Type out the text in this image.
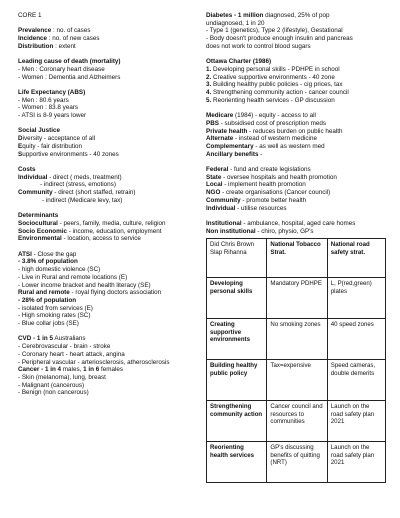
CORE 1
Prevalence : no. of cases
Incidence : no. of new cases
Distribution : extent
Leading cause of death (mortality)
- Men : Coronary heart disease
- Women : Dementia and Alzheimers
Life Expectancy (ABS)
- Men : 80.6 years
- Women : 83.8 years
- ATSI is 8-9 years lower
Social Justice
Diversity - acceptance of all
Equity - fair distribution
Supportive environments - 40 zones
Costs
Individual - direct ( meds, treatment)
- indirect (stress, emotions)
Community - direct (short staffed, retrain)
- indirect (Medicare levy, tax)
Determinants
Sociocultural - peers, family, media, culture, religion
Socio Economic - income, education, employment
Environmental - location, access to service
ATSI - Close the gap
- 3.8% of population
- high domestic violence (SC)
- Live in Rural and remote locations (E)
- Lower income bracket and health literacy (SE)
Rural and remote - royal flying doctors association
- 28% of population
- isolated from services (E)
- High smoking rates (SC)
- Blue collar jobs (SE)
CVD - 1 in 5 Australians
- Cerebrovascular - brain - stroke
- Coronary heart - heart attack, angina
- Peripheral vascular - arteriosclerosis, atherosclerosis
Cancer - 1 in 4 males, 1 in 6 females
- Skin (melanoma), lung, breast
- Malignant (cancerous)
- Benign (non cancerous)
Diabetes - 1 million diagnosed, 25% of pop
undiagnosed, 1 in 20
- Type 1 (genetics), Type 2 (lifestyle), Gestational
- Body doesn't produce enough insulin and pancreas
does not work to control blood sugars
Ottawa Charter (1986)
1. Developing personal skills - PDHPE in school
2. Creative supportive environments - 40 zone
3. Building healthy public policies - cig prices, tax
4. Strengthening community action - cancer council
5. Reorienting health services - GP discussion
Medicare (1984) - equity - access to all
PBS - subsidised cost of prescription meds
Private health - reduces burden on public health
Alternate - instead of western medicine
Complementary - as well as western med
Ancillary benefits -
Federal - fund and create legislations
State - oversee hospitals and health promotion
Local - implement health promotion
NGO - create organisations (Cancer council)
Community - promote better health
Individual - utilise resources
Institutional - ambulance, hospital, aged care homes
Non institutional - chiro, physio, GP's
Did Chris Brown Slap Rihanna	National Tobacco Strat.	National road safety strat.
Developing personal skills	Mandatory PDHPE	L, P(red,green) plates
Creating supportive environments	No smoking zones	40 speed zones
Building healthy public policy	Tax=expensive	Speed cameras, double demerits
Strengthening community action	Cancer council and resources to communities	Launch on the road safety plan 2021
Reorienting health services	GP's discussing benefits of quitting (NRT)	Launch on the road safety plan 2021
